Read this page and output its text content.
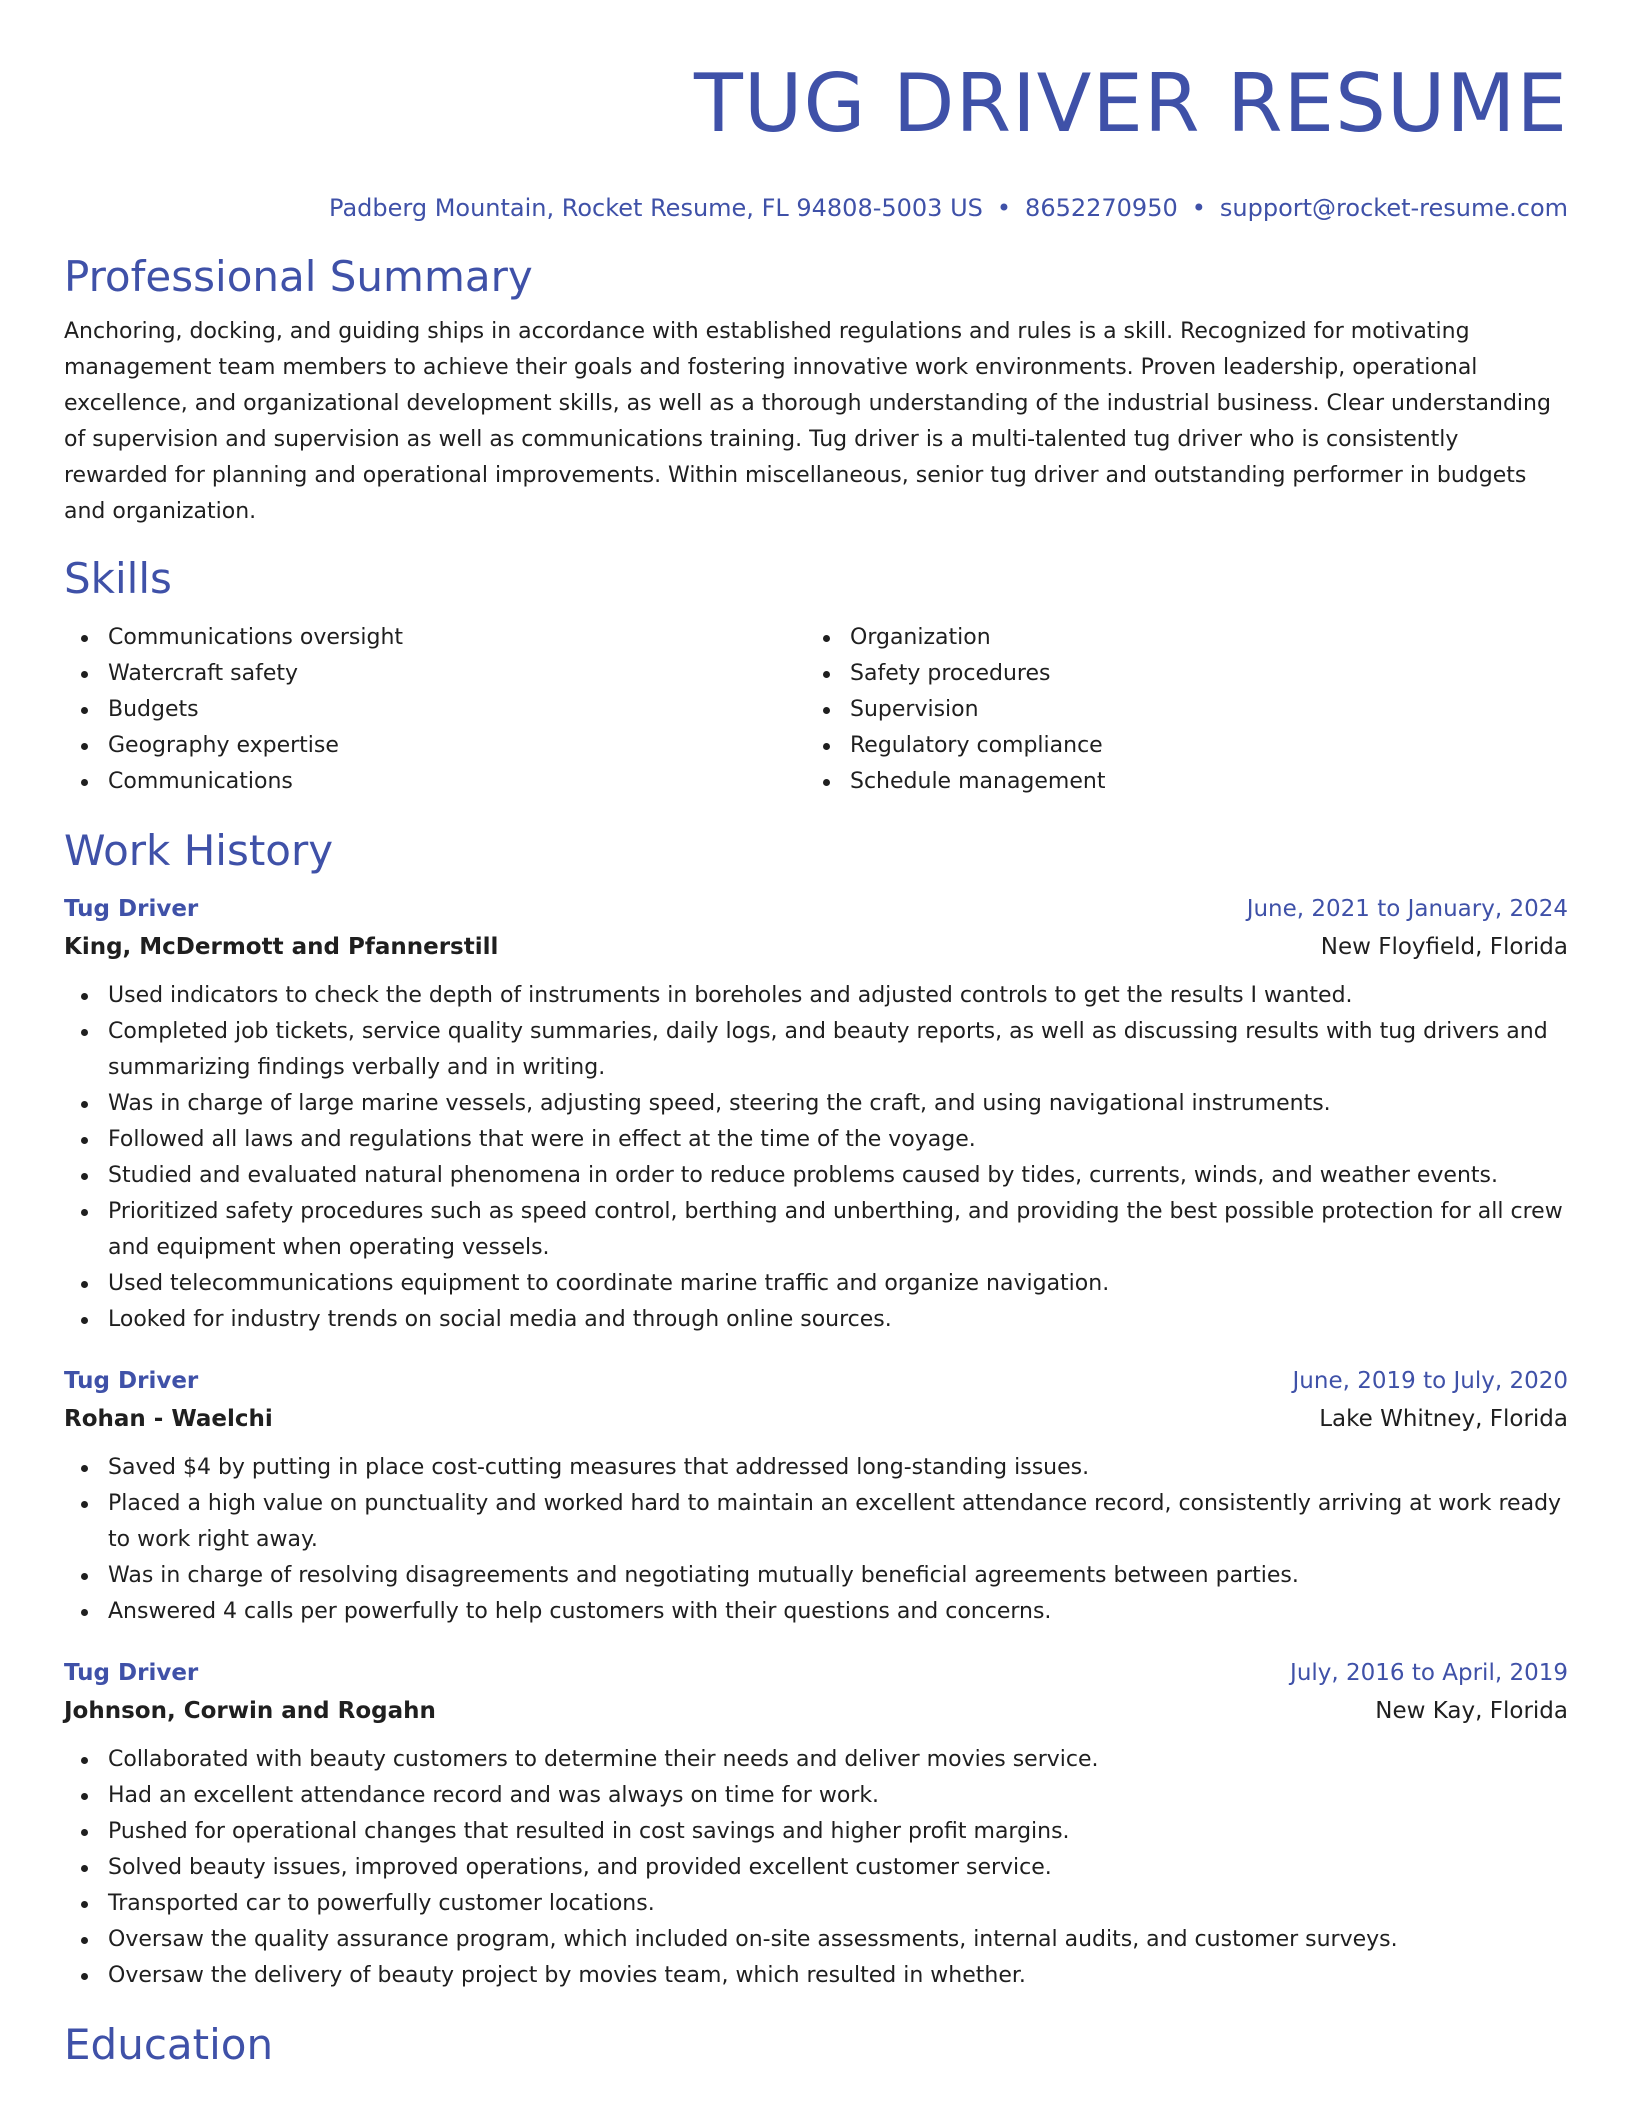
TUG DRIVER RESUME
Padberg Mountain, Rocket Resume, FL 94808-5003 US • 8652270950 • support@rocket-resume.com
Professional Summary

Anchoring, docking, and guiding ships in accordance with established regulations and rules is a skill. Recognized for motivating management team members to achieve their goals and fostering innovative work environments. Proven leadership, operational excellence, and organizational development skills, as well as a thorough understanding of the industrial business. Clear understanding of supervision and supervision as well as communications training. Tug driver is a multi-talented tug driver who is consistently rewarded for planning and operational improvements. Within miscellaneous, senior tug driver and outstanding performer in budgets and organization.

Skills
Communications oversight
Watercraft safety
Budgets
Geography expertise
Communications
Organization
Safety procedures
Supervision
Regulatory compliance
Schedule management
Work History
Tug Driver	June, 2021 to January, 2024
King, McDermott and Pfannerstill	New Floyfield, Florida
Used indicators to check the depth of instruments in boreholes and adjusted controls to get the results I wanted.
Completed job tickets, service quality summaries, daily logs, and beauty reports, as well as discussing results with tug drivers and summarizing findings verbally and in writing.
Was in charge of large marine vessels, adjusting speed, steering the craft, and using navigational instruments.
Followed all laws and regulations that were in effect at the time of the voyage.
Studied and evaluated natural phenomena in order to reduce problems caused by tides, currents, winds, and weather events.
Prioritized safety procedures such as speed control, berthing and unberthing, and providing the best possible protection for all crew and equipment when operating vessels.
Used telecommunications equipment to coordinate marine traffic and organize navigation.
Looked for industry trends on social media and through online sources.
Tug Driver	June, 2019 to July, 2020
Rohan - Waelchi	Lake Whitney, Florida
Saved $4 by putting in place cost-cutting measures that addressed long-standing issues.
Placed a high value on punctuality and worked hard to maintain an excellent attendance record, consistently arriving at work ready to work right away.
Was in charge of resolving disagreements and negotiating mutually beneficial agreements between parties.
Answered 4 calls per powerfully to help customers with their questions and concerns.
Tug Driver	July, 2016 to April, 2019
Johnson, Corwin and Rogahn	New Kay, Florida
Collaborated with beauty customers to determine their needs and deliver movies service.
Had an excellent attendance record and was always on time for work.
Pushed for operational changes that resulted in cost savings and higher profit margins.
Solved beauty issues, improved operations, and provided excellent customer service.
Transported car to powerfully customer locations.
Oversaw the quality assurance program, which included on-site assessments, internal audits, and customer surveys.
Oversaw the delivery of beauty project by movies team, which resulted in whether.
Education
